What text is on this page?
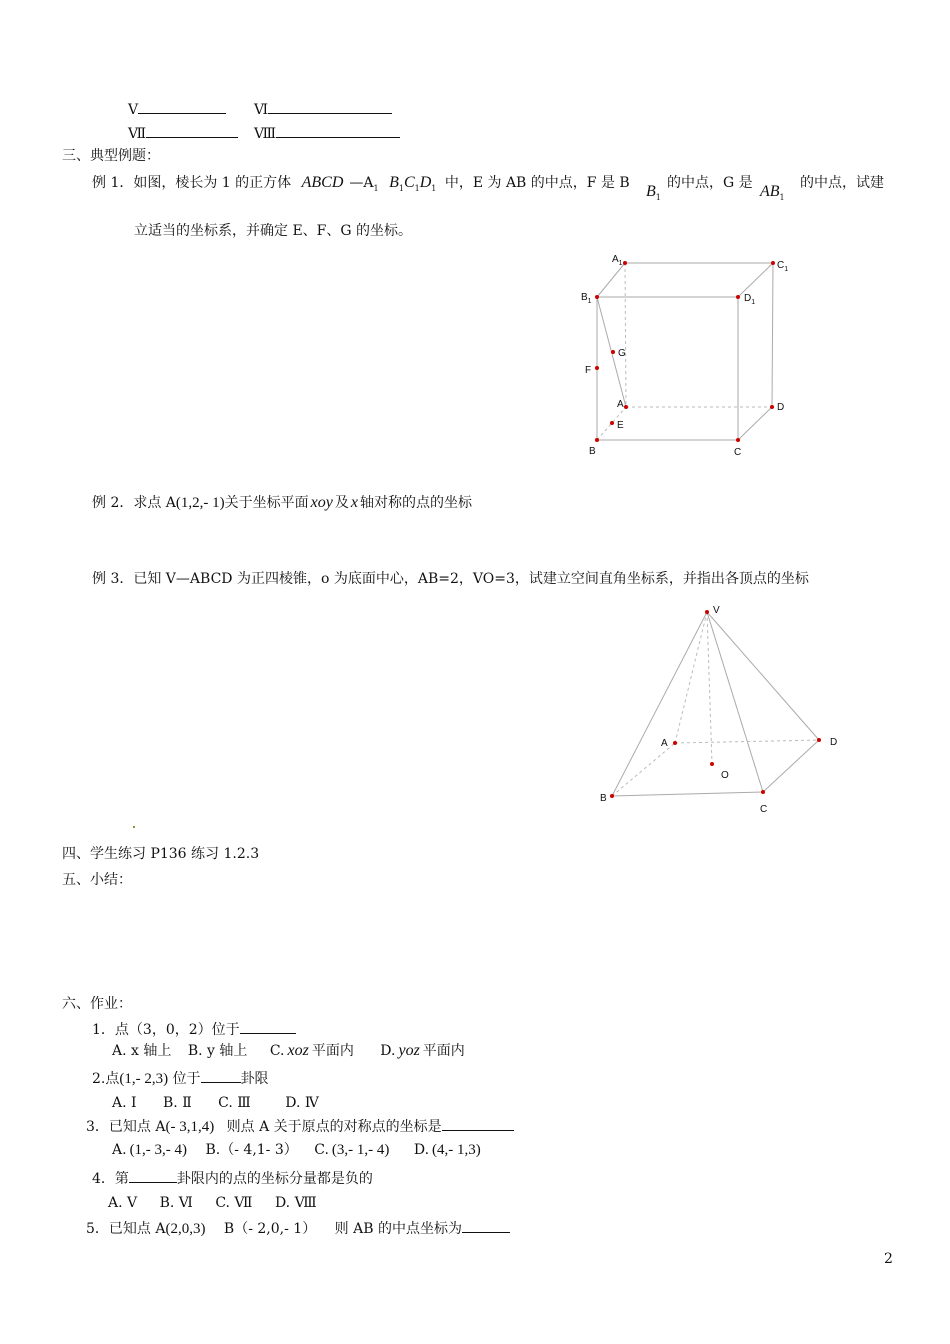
Ⅴ	Ⅵ
Ⅶ	Ⅷ
三、典型例题：
例 1．如图，棱长为 1 的正方体 ABCD $—A_1$ $B_1C_1D_1$ 中，E 为 AB 的中点，F 是 B $B_1$
的中点，G 是 $AB_1$
的中点，试建
立适当的坐标系，并确定 E、F、G 的坐标。
$A_1$	$C_1$
$B_1$	$D_1$
G
F
A	D
E
B	C
例 2．求点 A(1,2,- 1)关于坐标平面 xoy 及 x 轴对称的点的坐标
例 3．已知 V—ABCD 为正四棱锥，o 为底面中心，AB=2，VO=3，试建立空间直角坐标系，并指出各顶点的坐标
V
A	D
O
B
C
四、学生练习 P136 练习 1.2.3
五、小结：
六、作业：
1．点（3，0，2）位于
A. x 轴上 B. y 轴上 C. xoz 平面内 D. yoz 平面内
2.点(1,- 2,3) 位于	卦限
A. Ⅰ B. Ⅱ C. Ⅲ D. Ⅳ
3．已知点 A(- 3,1,4) 则点 A 关于原点的对称点的坐标是
A. (1,- 3,- 4) B.（- 4,1- 3） C. (3,- 1,- 4) D. (4,- 1,3)
4．第	卦限内的点的坐标分量都是负的
A. Ⅴ B. Ⅵ C. Ⅶ D. Ⅷ
5．已知点 A(2,0,3) B（- 2,0,- 1） 则 AB 的中点坐标为
2
